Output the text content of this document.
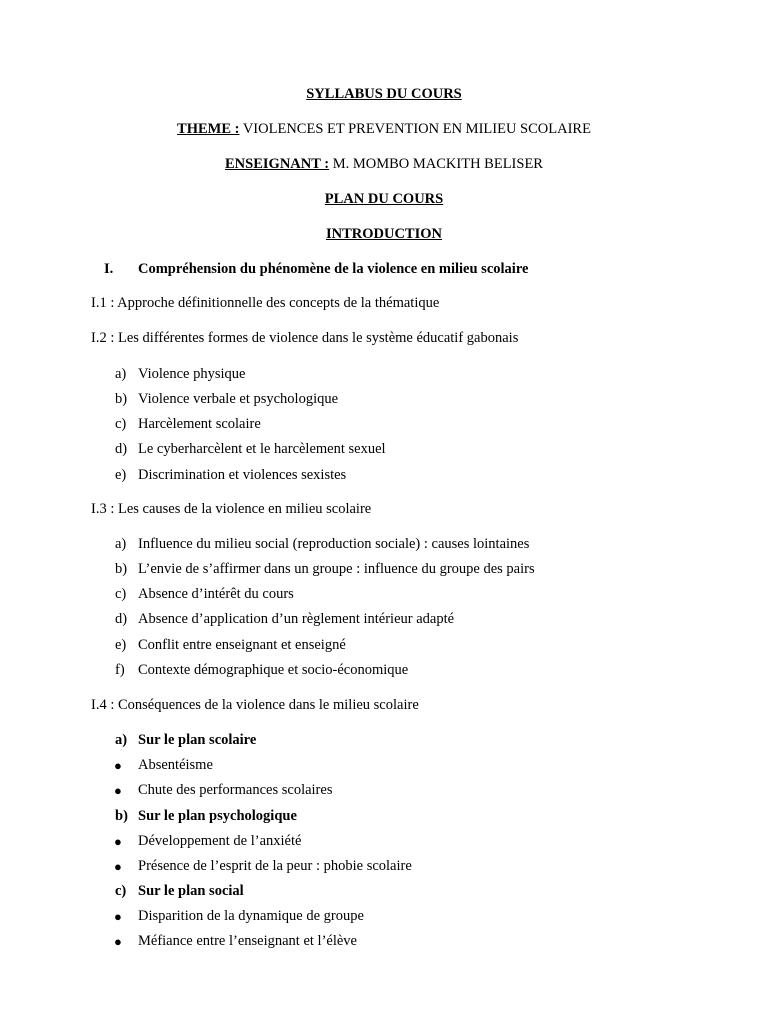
SYLLABUS DU COURS
THEME : VIOLENCES ET PREVENTION EN MILIEU SCOLAIRE
ENSEIGNANT : M. MOMBO MACKITH BELISER
PLAN DU COURS
INTRODUCTION
I. Compréhension du phénomène de la violence en milieu scolaire
I.1 : Approche définitionnelle des concepts de la thématique
I.2 : Les différentes formes de violence dans le système éducatif gabonais
a) Violence physique
b) Violence verbale et psychologique
c) Harcèlement scolaire
d) Le cyberharcèlent et le harcèlement sexuel
e) Discrimination et violences sexistes
I.3 : Les causes de la violence en milieu scolaire
a) Influence du milieu social (reproduction sociale) : causes lointaines
b) L’envie de s’affirmer dans un groupe : influence du groupe des pairs
c) Absence d’intérêt du cours
d) Absence d’application d’un règlement intérieur adapté
e) Conflit entre enseignant et enseigné
f) Contexte démographique et socio-économique
I.4 : Conséquences de la violence dans le milieu scolaire
a) Sur le plan scolaire
● Absentéisme
● Chute des performances scolaires
b) Sur le plan psychologique
● Développement de l’anxiété
● Présence de l’esprit de la peur : phobie scolaire
c) Sur le plan social
● Disparition de la dynamique de groupe
● Méfiance entre l’enseignant et l’élève
